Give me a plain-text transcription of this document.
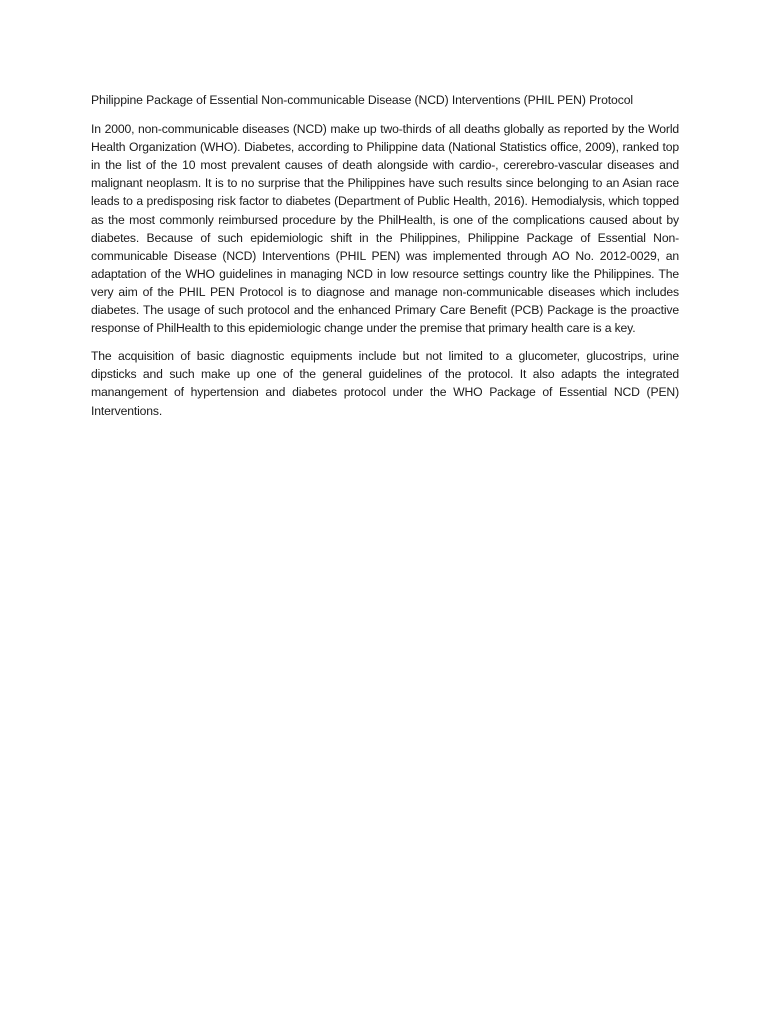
Philippine Package of Essential Non-communicable Disease (NCD) Interventions (PHIL PEN) Protocol

In 2000, non-communicable diseases (NCD) make up two-thirds of all deaths globally as reported by the World Health Organization (WHO). Diabetes, according to Philippine data (National Statistics office, 2009), ranked top in the list of the 10 most prevalent causes of death alongside with cardio-, cererebro-vascular diseases and malignant neoplasm. It is to no surprise that the Philippines have such results since belonging to an Asian race leads to a predisposing risk factor to diabetes (Department of Public Health, 2016). Hemodialysis, which topped as the most commonly reimbursed procedure by the PhilHealth, is one of the complications caused about by diabetes. Because of such epidemiologic shift in the Philippines, Philippine Package of Essential Non-communicable Disease (NCD) Interventions (PHIL PEN) was implemented through AO No. 2012-0029, an adaptation of the WHO guidelines in managing NCD in low resource settings country like the Philippines. The very aim of the PHIL PEN Protocol is to diagnose and manage non-communicable diseases which includes diabetes. The usage of such protocol and the enhanced Primary Care Benefit (PCB) Package is the proactive response of PhilHealth to this epidemiologic change under the premise that primary health care is a key.

The acquisition of basic diagnostic equipments include but not limited to a glucometer, glucostrips, urine dipsticks and such make up one of the general guidelines of the protocol. It also adapts the integrated manangement of hypertension and diabetes protocol under the WHO Package of Essential NCD (PEN) Interventions.
